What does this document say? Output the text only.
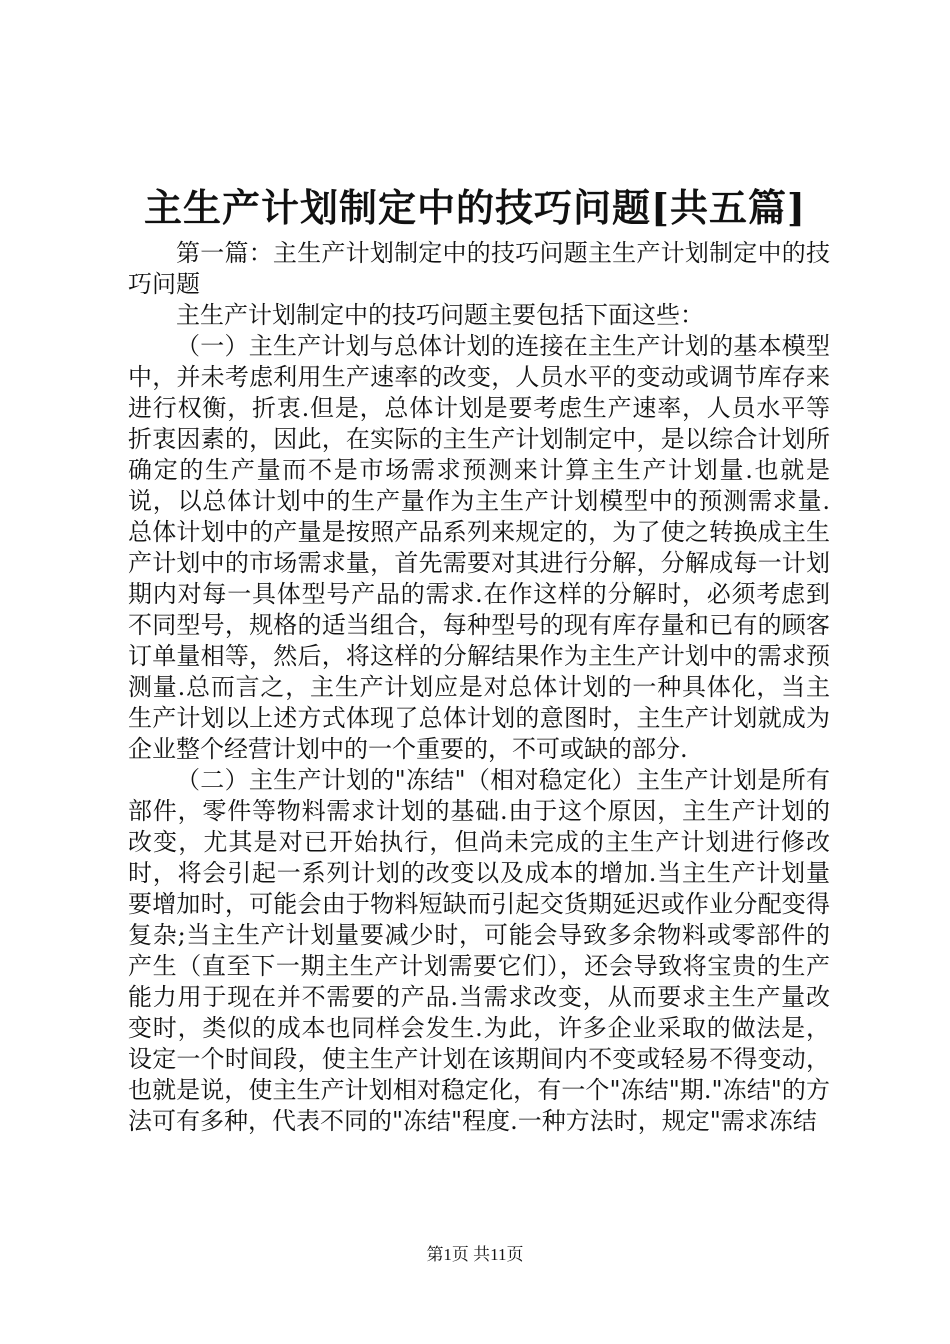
主生产计划制定中的技巧问题[共五篇]

第一篇：主生产计划制定中的技巧问题主生产计划制定中的技巧问题

主生产计划制定中的技巧问题主要包括下面这些：

（一）主生产计划与总体计划的连接在主生产计划的基本模型中，并未考虑利用生产速率的改变，人员水平的变动或调节库存来进行权衡，折衷.但是，总体计划是要考虑生产速率，人员水平等折衷因素的，因此，在实际的主生产计划制定中，是以综合计划所确定的生产量而不是市场需求预测来计算主生产计划量.也就是说，以总体计划中的生产量作为主生产计划模型中的预测需求量.总体计划中的产量是按照产品系列来规定的，为了使之转换成主生产计划中的市场需求量，首先需要对其进行分解，分解成每一计划期内对每一具体型号产品的需求.在作这样的分解时，必须考虑到不同型号，规格的适当组合，每种型号的现有库存量和已有的顾客订单量相等，然后，将这样的分解结果作为主生产计划中的需求预测量.总而言之，主生产计划应是对总体计划的一种具体化，当主生产计划以上述方式体现了总体计划的意图时，主生产计划就成为企业整个经营计划中的一个重要的，不可或缺的部分.

（二）主生产计划的"冻结"（相对稳定化）主生产计划是所有部件，零件等物料需求计划的基础.由于这个原因，主生产计划的改变，尤其是对已开始执行，但尚未完成的主生产计划进行修改时，将会引起一系列计划的改变以及成本的增加.当主生产计划量要增加时，可能会由于物料短缺而引起交货期延迟或作业分配变得复杂;当主生产计划量要减少时，可能会导致多余物料或零部件的产生（直至下一期主生产计划需要它们），还会导致将宝贵的生产能力用于现在并不需要的产品.当需求改变，从而要求主生产量改变时，类似的成本也同样会发生.为此，许多企业采取的做法是，设定一个时间段，使主生产计划在该期间内不变或轻易不得变动，也就是说，使主生产计划相对稳定化，有一个"冻结"期."冻结"的方法可有多种，代表不同的"冻结"程度.一种方法时，规定"需求冻结

第1页 共11页
